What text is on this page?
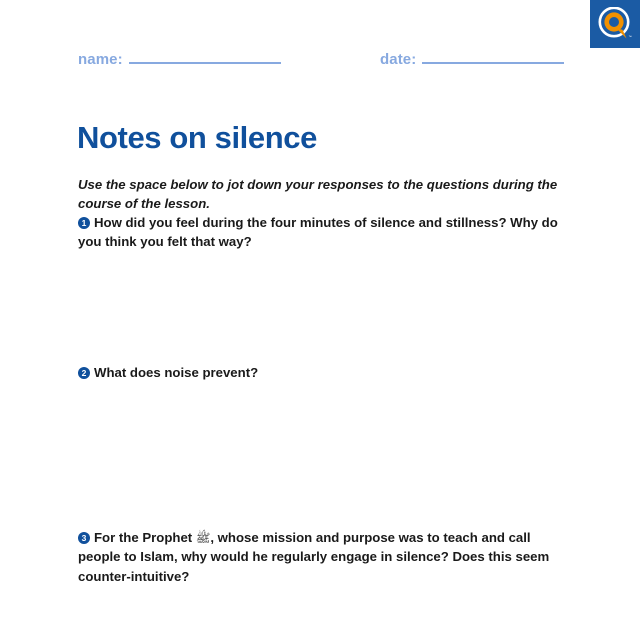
™
name:	date:
Notes on silence

Use the space below to jot down your responses to the questions during the course of the lesson.

1 How did you feel during the four minutes of silence and stillness? Why do you think you felt that way?
2 What does noise prevent?
3 For the Prophet ﷺ, whose mission and purpose was to teach and call people to Islam, why would he regularly engage in silence? Does this seem counter-intuitive?
